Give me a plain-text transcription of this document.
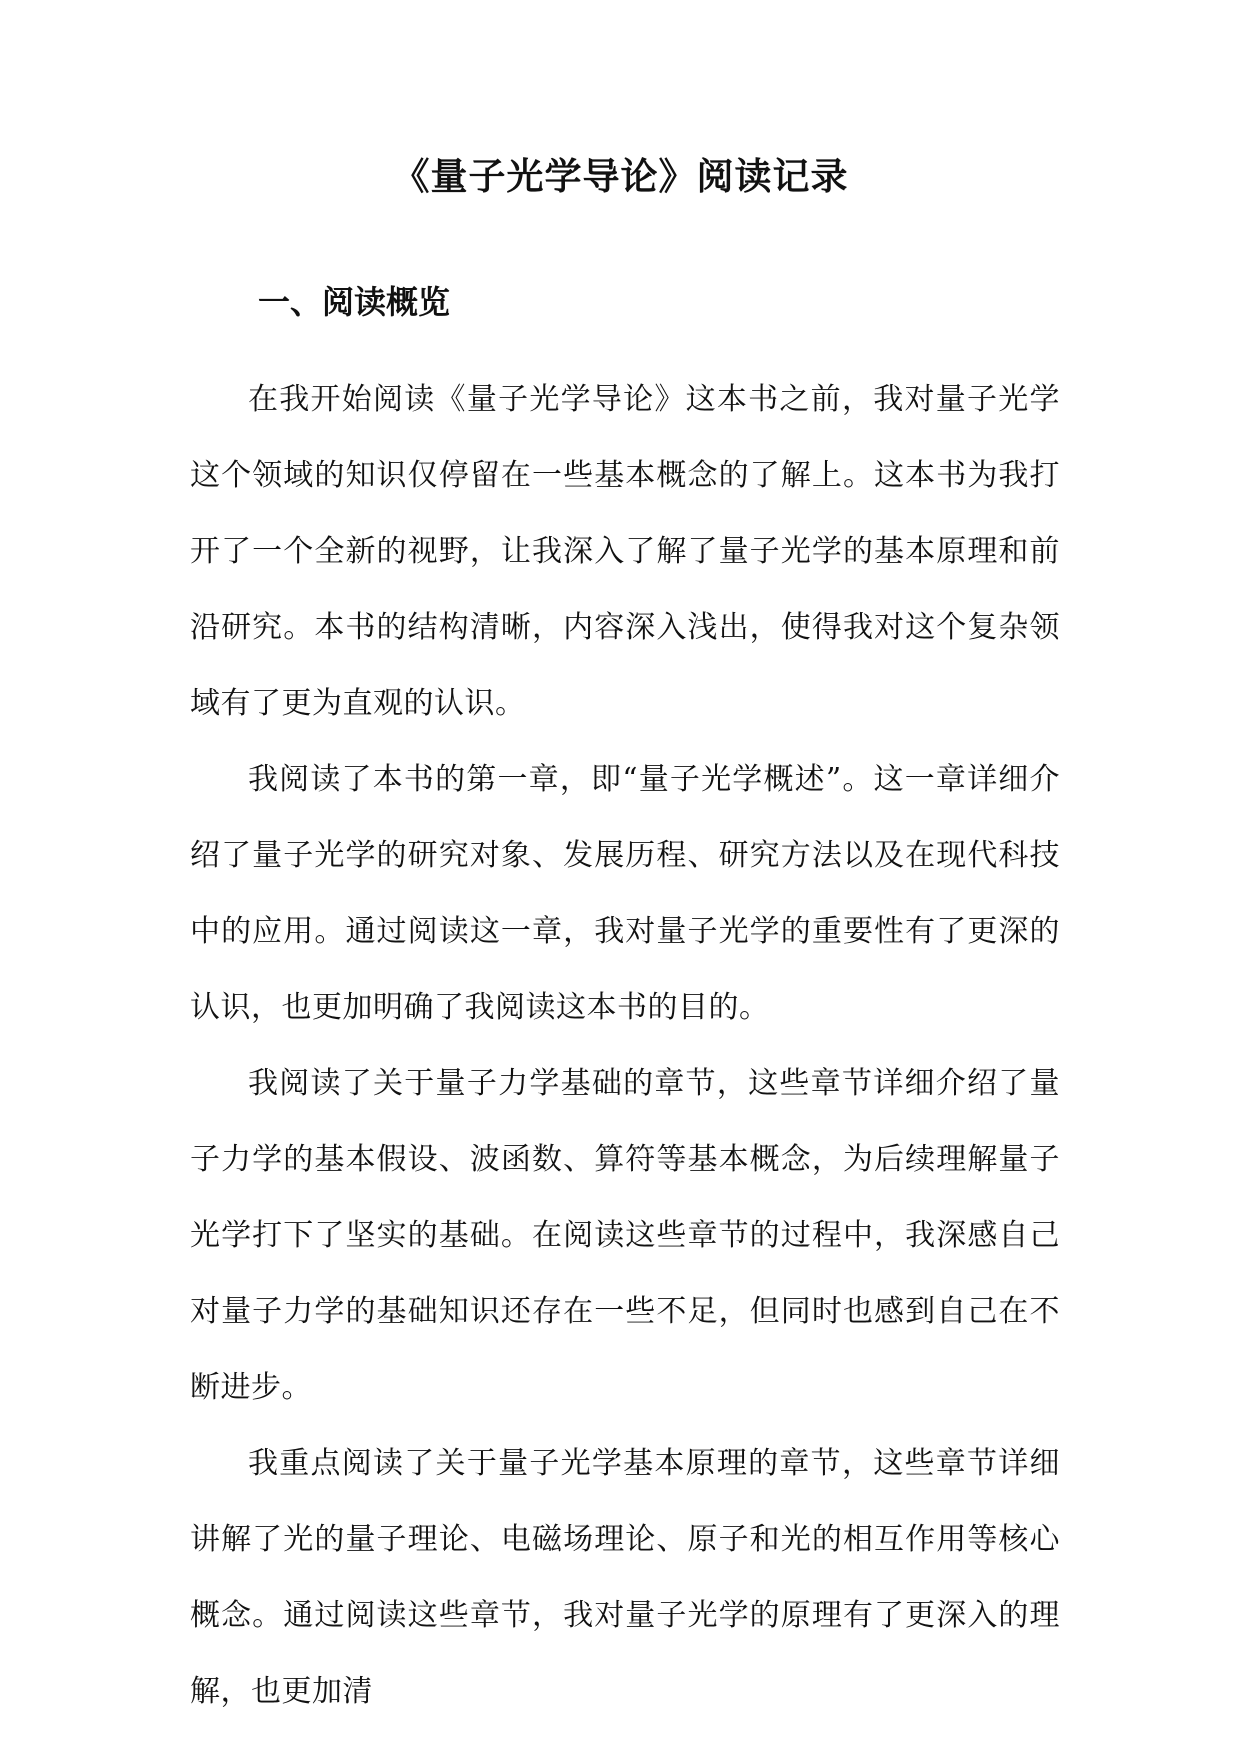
《量子光学导论》阅读记录
一、阅读概览

在我开始阅读《量子光学导论》这本书之前，我对量子光学这个领域的知识仅停留在一些基本概念的了解上。这本书为我打开了一个全新的视野，让我深入了解了量子光学的基本原理和前沿研究。本书的结构清晰，内容深入浅出，使得我对这个复杂领域有了更为直观的认识。

我阅读了本书的第一章，即“量子光学概述”。这一章详细介绍了量子光学的研究对象、发展历程、研究方法以及在现代科技中的应用。通过阅读这一章，我对量子光学的重要性有了更深的认识，也更加明确了我阅读这本书的目的。

我阅读了关于量子力学基础的章节，这些章节详细介绍了量子力学的基本假设、波函数、算符等基本概念，为后续理解量子光学打下了坚实的基础。在阅读这些章节的过程中，我深感自己对量子力学的基础知识还存在一些不足，但同时也感到自己在不断进步。

我重点阅读了关于量子光学基本原理的章节，这些章节详细讲解了光的量子理论、电磁场理论、原子和光的相互作用等核心概念。通过阅读这些章节，我对量子光学的原理有了更深入的理解，也更加清
